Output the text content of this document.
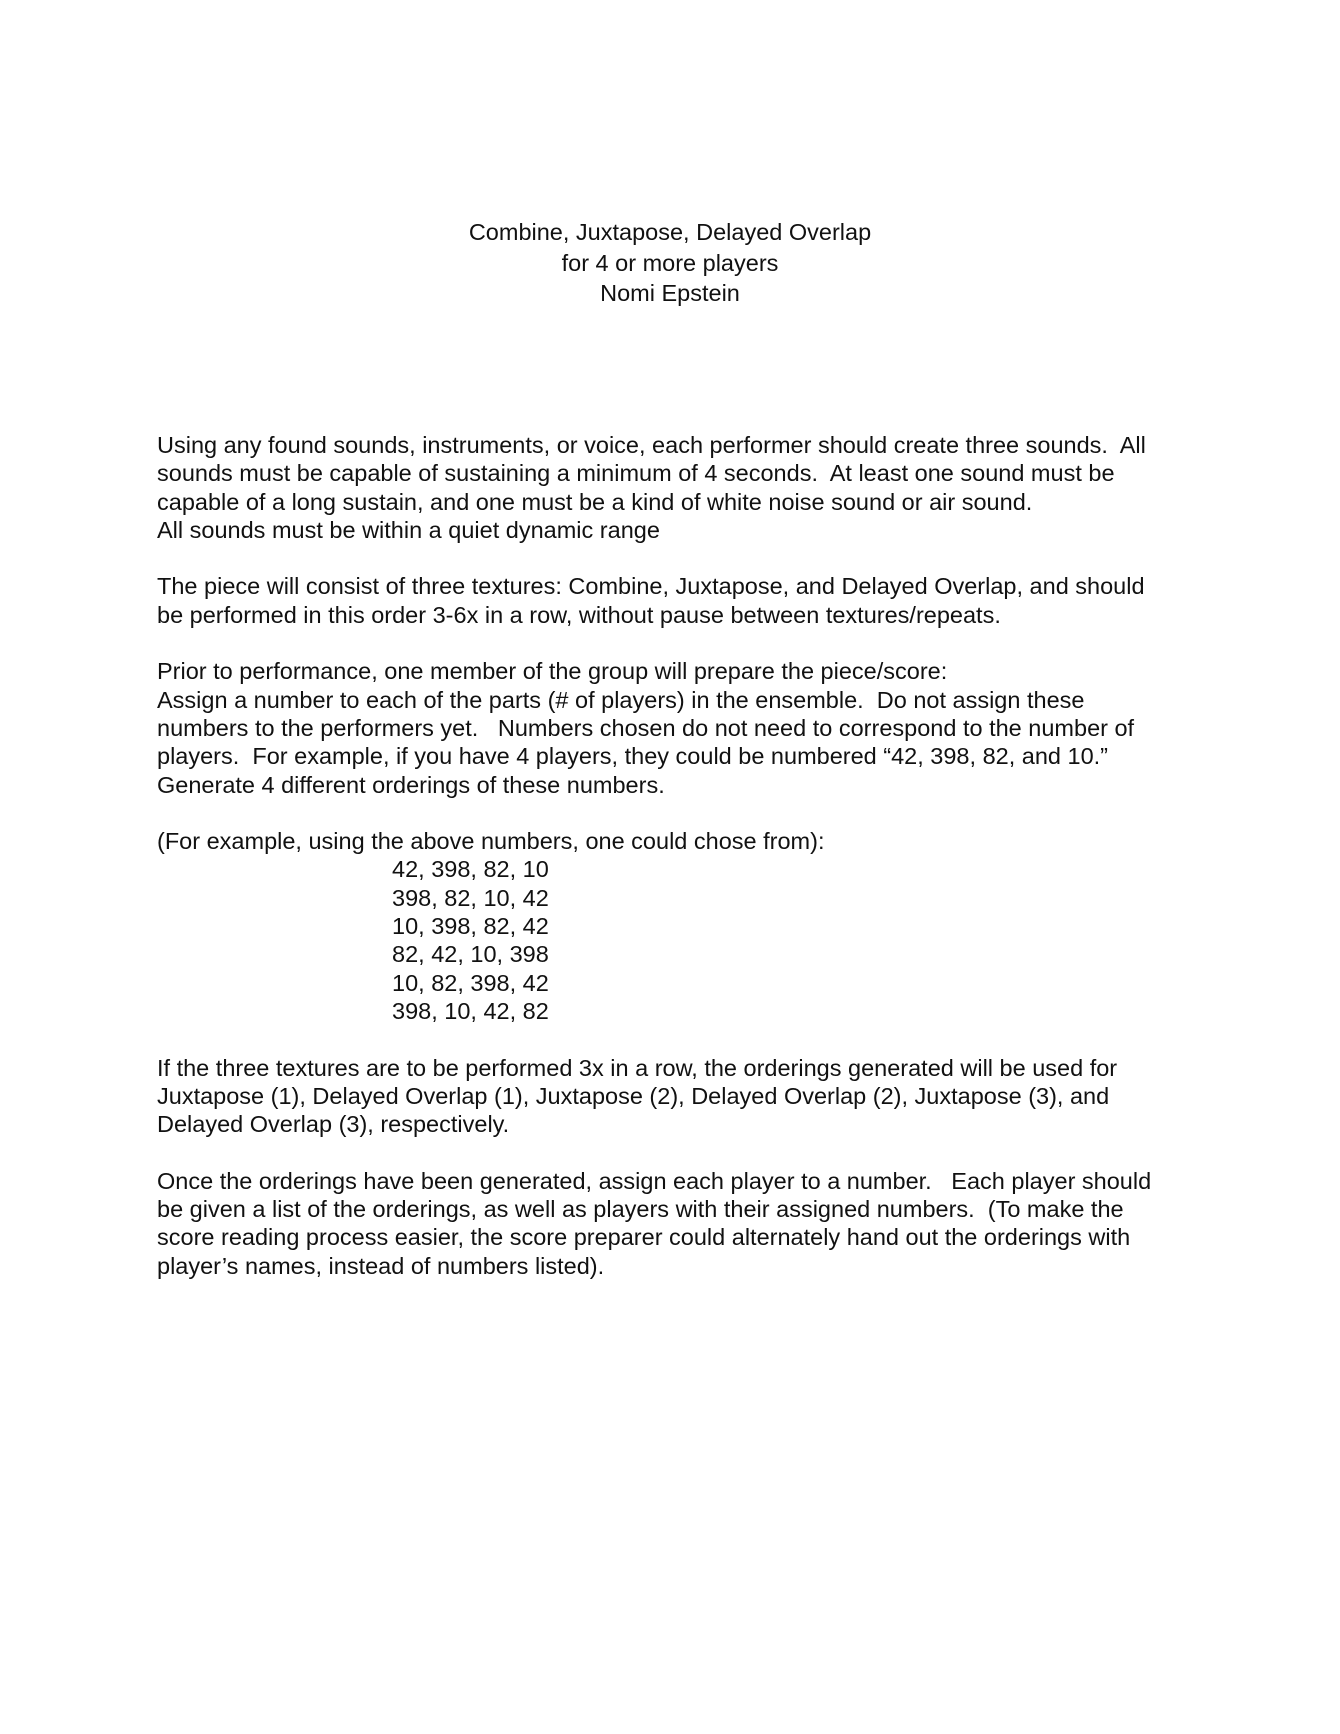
Combine, Juxtapose, Delayed Overlap
for 4 or more players
Nomi Epstein
Using any found sounds, instruments, or voice, each performer should create three sounds.  All
sounds must be capable of sustaining a minimum of 4 seconds.  At least one sound must be
capable of a long sustain, and one must be a kind of white noise sound or air sound.
All sounds must be within a quiet dynamic range
The piece will consist of three textures: Combine, Juxtapose, and Delayed Overlap, and should
be performed in this order 3-6x in a row, without pause between textures/repeats.
Prior to performance, one member of the group will prepare the piece/score:
Assign a number to each of the parts (# of players) in the ensemble.  Do not assign these
numbers to the performers yet.   Numbers chosen do not need to correspond to the number of
players.  For example, if you have 4 players, they could be numbered “42, 398, 82, and 10.”
Generate 4 different orderings of these numbers.
(For example, using the above numbers, one could chose from):
42, 398, 82, 10
398, 82, 10, 42
10, 398, 82, 42
82, 42, 10, 398
10, 82, 398, 42
398, 10, 42, 82
If the three textures are to be performed 3x in a row, the orderings generated will be used for
Juxtapose (1), Delayed Overlap (1), Juxtapose (2), Delayed Overlap (2), Juxtapose (3), and
Delayed Overlap (3), respectively.
Once the orderings have been generated, assign each player to a number.   Each player should
be given a list of the orderings, as well as players with their assigned numbers.  (To make the
score reading process easier, the score preparer could alternately hand out the orderings with
player’s names, instead of numbers listed).
